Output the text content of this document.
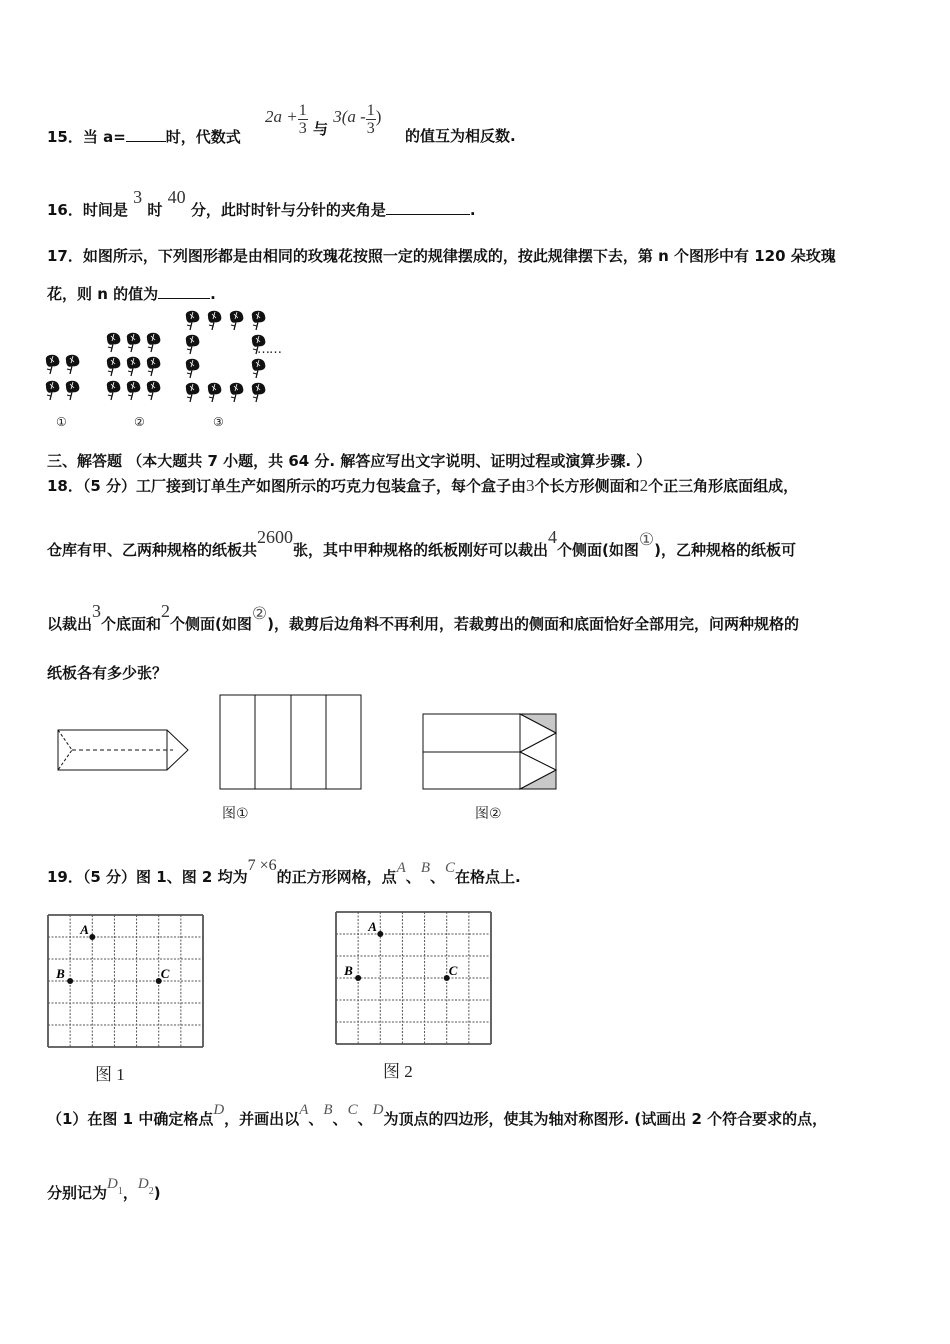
15．当 a=	时，代数式
$2a + \frac{1}{3}$ 与 $3(a - \frac{1}{3}$ )
的值互为相反数.
16．时间是 3 时 40 分，此时时针与分针的夹角是	.
17．如图所示，下列图形都是由相同的玫瑰花按照一定的规律摆成的，按此规律摆下去，第 n 个图形中有 120 朵玫瑰
花，则 n 的值为	.
……
①	②	③
三、解答题 （本大题共 7 小题，共 64 分. 解答应写出文字说明、证明过程或演算步骤. ）
18．（5 分）工厂接到订单生产如图所示的巧克力包装盒子，每个盒子由3个长方形侧面和2个正三角形底面组成，
仓库有甲、乙两种规格的纸板共2600张，其中甲种规格的纸板刚好可以裁出4个侧面(如图①)，乙种规格的纸板可
以裁出3个底面和2个侧面(如图②)，裁剪后边角料不再利用，若裁剪出的侧面和底面恰好全部用完，问两种规格的
纸板各有多少张？
图①	图②
19．（5 分）图 1、图 2 均为7 ×6的正方形网格，点A、B、C在格点上.
A
B	C
图 1
A
B	C
图 2
（1）在图 1 中确定格点D，并画出以A、B、C、D为顶点的四边形，使其为轴对称图形. (试画出 2 个符合要求的点，
分别记为$D^1$，$D^2$)
